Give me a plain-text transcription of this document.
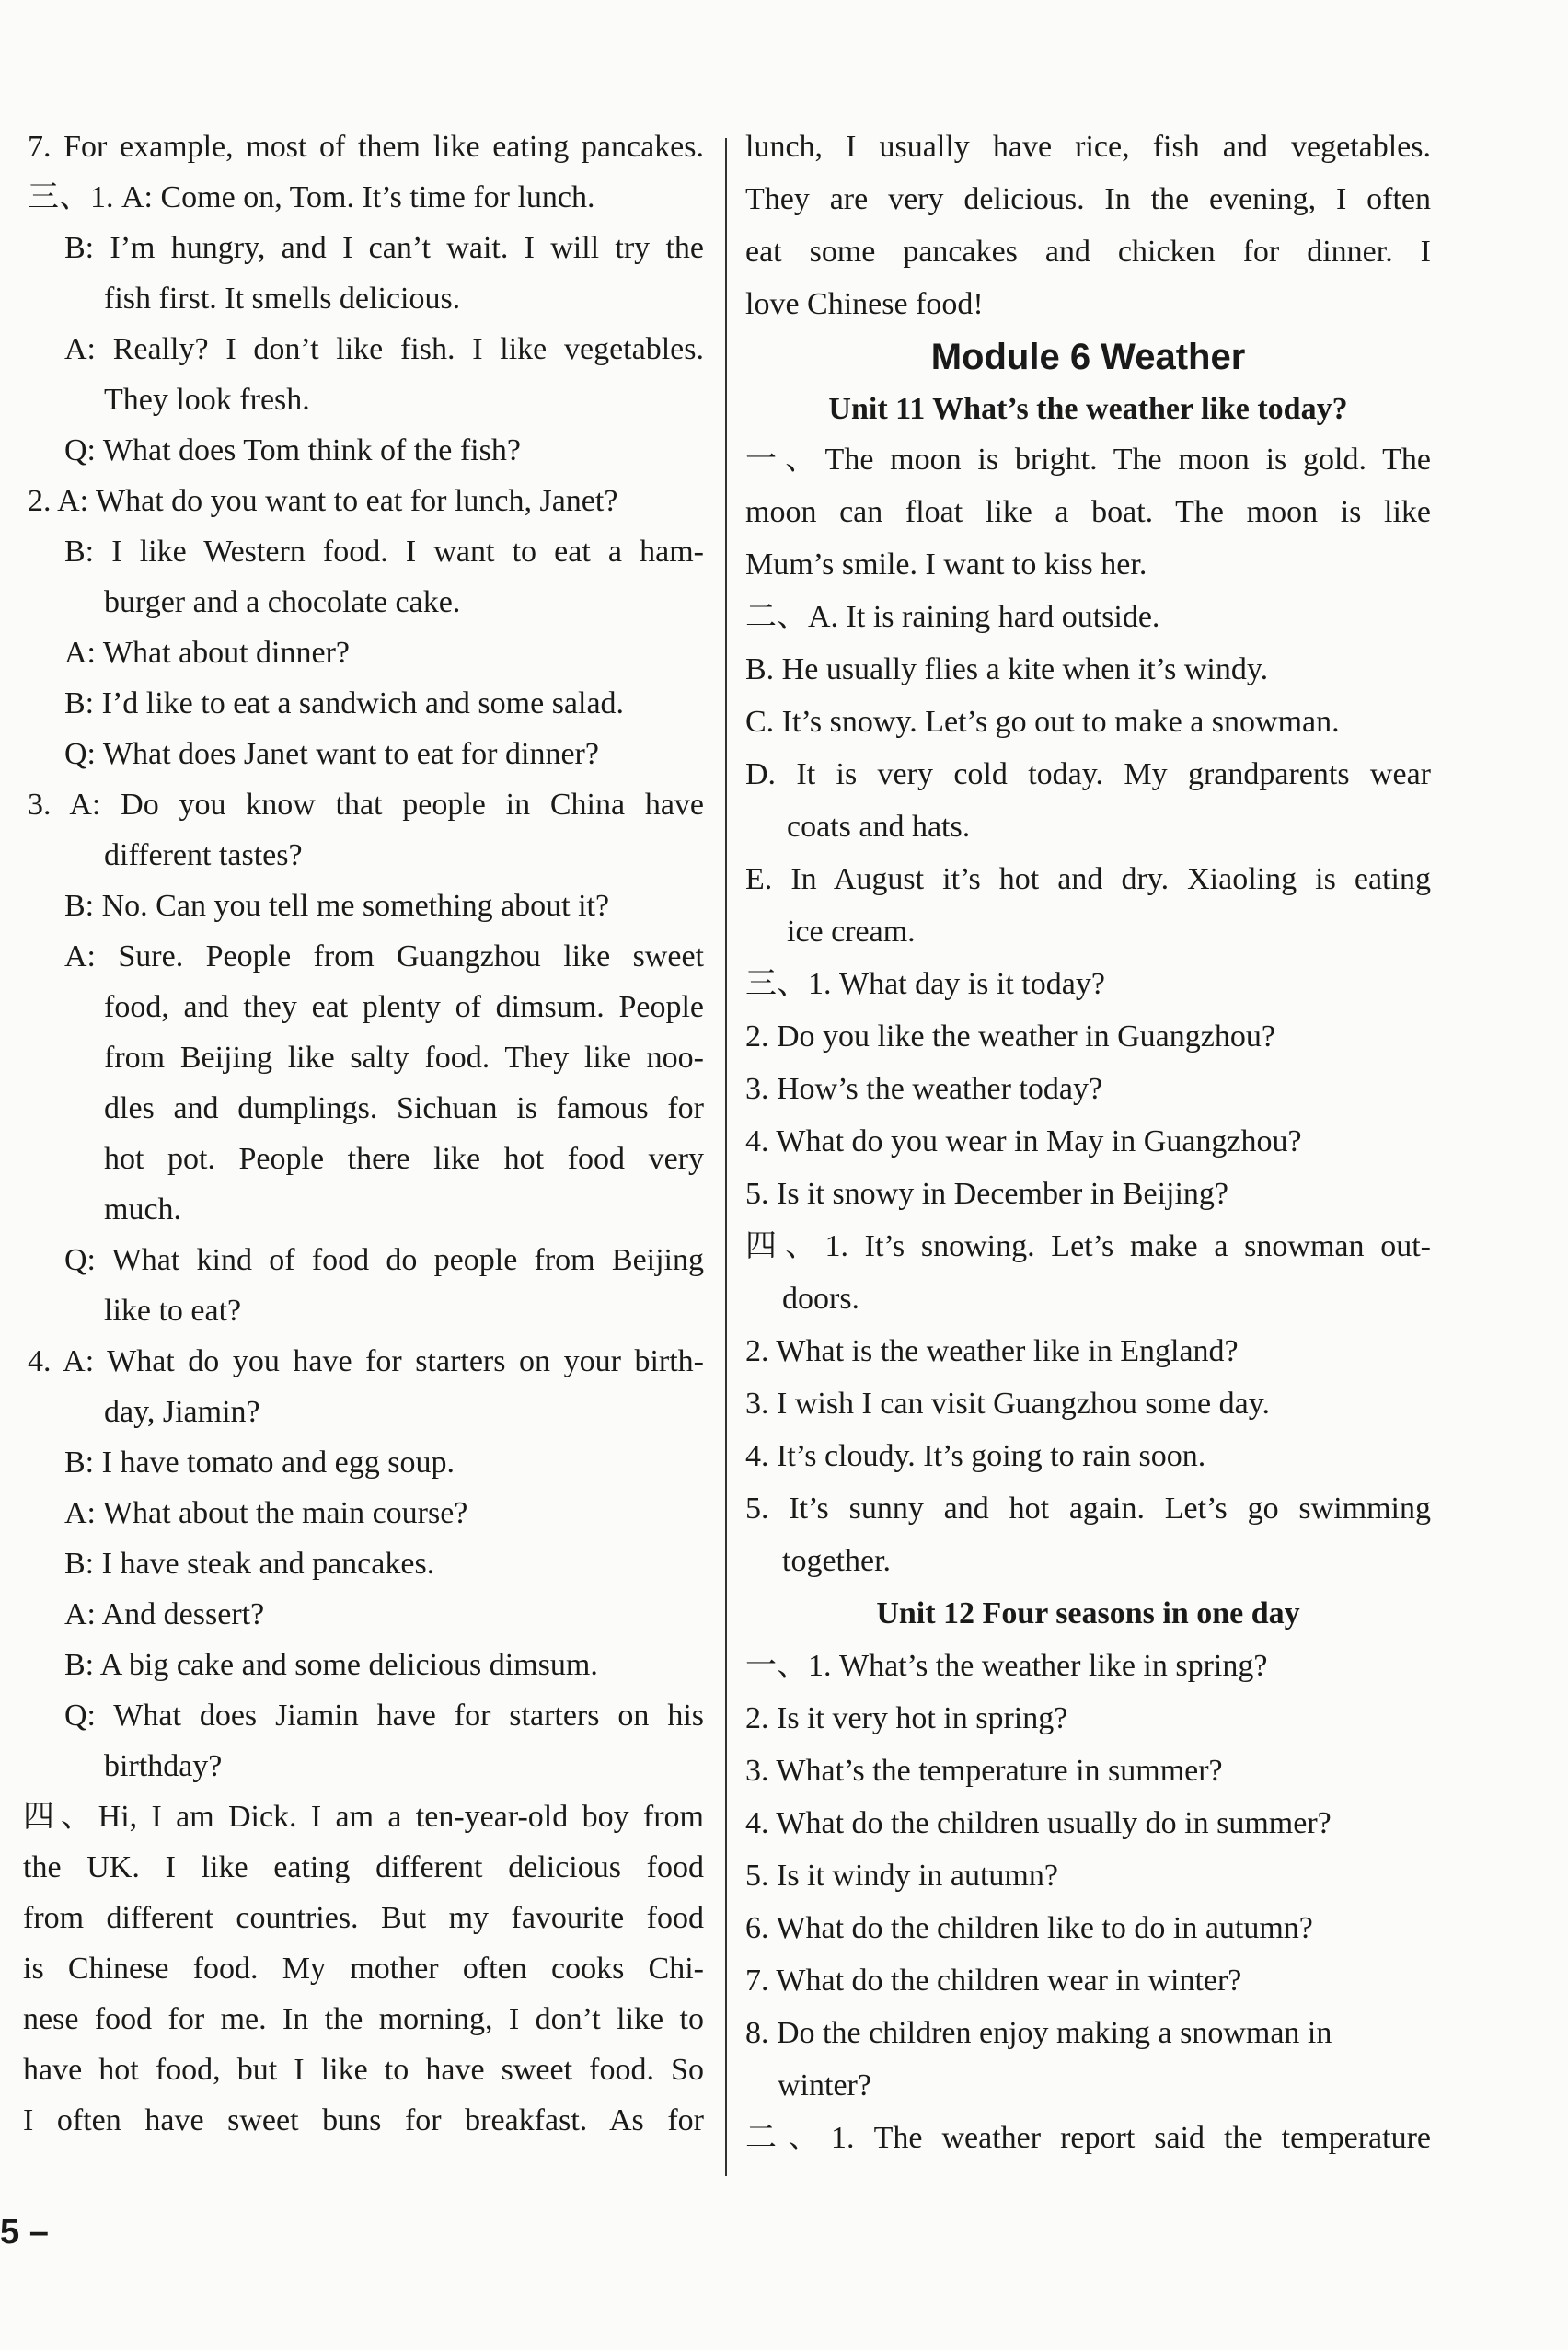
7. For example, most of them like eating pancakes.
三、1. A: Come on, Tom. It’s time for lunch.
B: I’m hungry, and I can’t wait. I will try the
fish first. It smells delicious.
A: Really? I don’t like fish. I like vegetables.
They look fresh.
Q: What does Tom think of the fish?
2. A: What do you want to eat for lunch, Janet?
B: I like Western food. I want to eat a ham-
burger and a chocolate cake.
A: What about dinner?
B: I’d like to eat a sandwich and some salad.
Q: What does Janet want to eat for dinner?
3. A: Do you know that people in China have
different tastes?
B: No. Can you tell me something about it?
A: Sure. People from Guangzhou like sweet
food, and they eat plenty of dimsum. People
from Beijing like salty food. They like noo-
dles and dumplings. Sichuan is famous for
hot pot. People there like hot food very
much.
Q: What kind of food do people from Beijing
like to eat?
4. A: What do you have for starters on your birth-
day, Jiamin?
B: I have tomato and egg soup.
A: What about the main course?
B: I have steak and pancakes.
A: And dessert?
B: A big cake and some delicious dimsum.
Q: What does Jiamin have for starters on his
birthday?
四、Hi, I am Dick. I am a ten-year-old boy from
the UK. I like eating different delicious food
from different countries. But my favourite food
is Chinese food. My mother often cooks Chi-
nese food for me. In the morning, I don’t like to
have hot food, but I like to have sweet food. So
I often have sweet buns for breakfast. As for
lunch, I usually have rice, fish and vegetables.
They are very delicious. In the evening, I often
eat some pancakes and chicken for dinner. I
love Chinese food!
Module 6 Weather
Unit 11 What’s the weather like today?
一、The moon is bright. The moon is gold. The
moon can float like a boat. The moon is like
Mum’s smile. I want to kiss her.
二、A. It is raining hard outside.
B. He usually flies a kite when it’s windy.
C. It’s snowy. Let’s go out to make a snowman.
D. It is very cold today. My grandparents wear
coats and hats.
E. In August it’s hot and dry. Xiaoling is eating
ice cream.
三、1. What day is it today?
2. Do you like the weather in Guangzhou?
3. How’s the weather today?
4. What do you wear in May in Guangzhou?
5. Is it snowy in December in Beijing?
四、1. It’s snowing. Let’s make a snowman out-
doors.
2. What is the weather like in England?
3. I wish I can visit Guangzhou some day.
4. It’s cloudy. It’s going to rain soon.
5. It’s sunny and hot again. Let’s go swimming
together.
Unit 12 Four seasons in one day
一、1. What’s the weather like in spring?
2. Is it very hot in spring?
3. What’s the temperature in summer?
4. What do the children usually do in summer?
5. Is it windy in autumn?
6. What do the children like to do in autumn?
7. What do the children wear in winter?
8. Do the children enjoy making a snowman in
winter?
二、1. The weather report said the temperature
5 –
